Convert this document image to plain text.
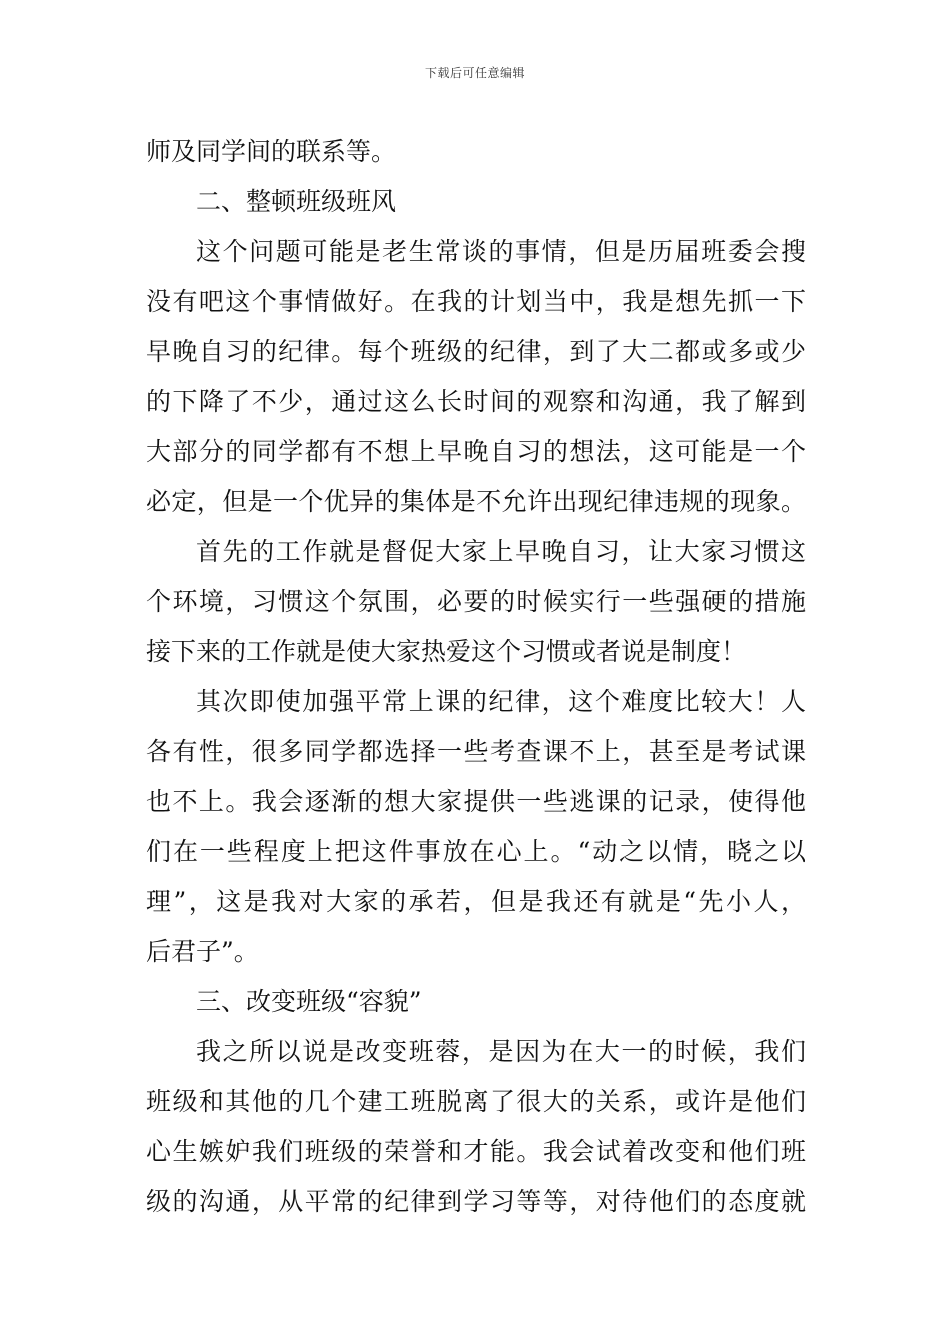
下载后可任意编辑
师及同学间的联系等。
二、整顿班级班风
这个问题可能是老生常谈的事情，但是历届班委会搜
没有吧这个事情做好。在我的计划当中，我是想先抓一下
早晚自习的纪律。每个班级的纪律，到了大二都或多或少
的下降了不少，通过这么长时间的观察和沟通，我了解到
大部分的同学都有不想上早晚自习的想法，这可能是一个
必定，但是一个优异的集体是不允许出现纪律违规的现象。
首先的工作就是督促大家上早晚自习，让大家习惯这
个环境，习惯这个氛围，必要的时候实行一些强硬的措施
接下来的工作就是使大家热爱这个习惯或者说是制度！
其次即使加强平常上课的纪律，这个难度比较大！人
各有性，很多同学都选择一些考查课不上，甚至是考试课
也不上。我会逐渐的想大家提供一些逃课的记录，使得他
们在一些程度上把这件事放在心上。“动之以情，晓之以
理”，这是我对大家的承若，但是我还有就是“先小人，
后君子”。
三、改变班级“容貌”
我之所以说是改变班蓉，是因为在大一的时候，我们
班级和其他的几个建工班脱离了很大的关系，或许是他们
心生嫉妒我们班级的荣誉和才能。我会试着改变和他们班
级的沟通，从平常的纪律到学习等等，对待他们的态度就
